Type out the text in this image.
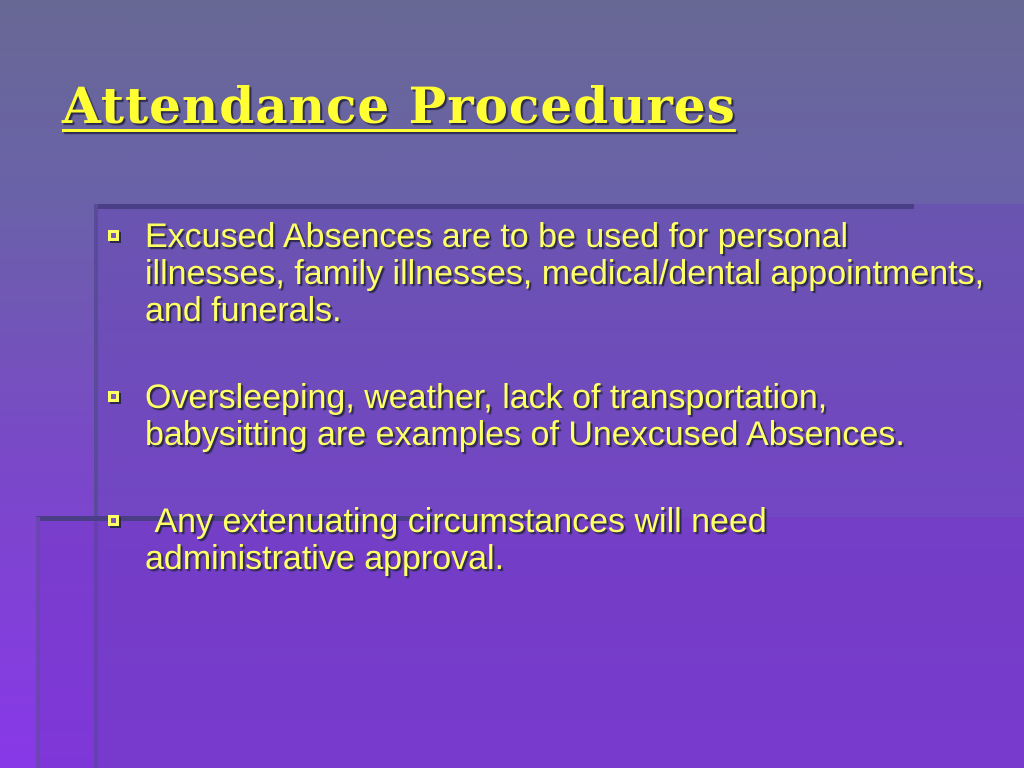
Attendance Procedures
Excused Absences are to be used for personal illnesses, family illnesses, medical/dental appointments, and funerals.
Oversleeping, weather, lack of transportation, babysitting are examples of Unexcused Absences.
Any extenuating circumstances will need administrative approval.
